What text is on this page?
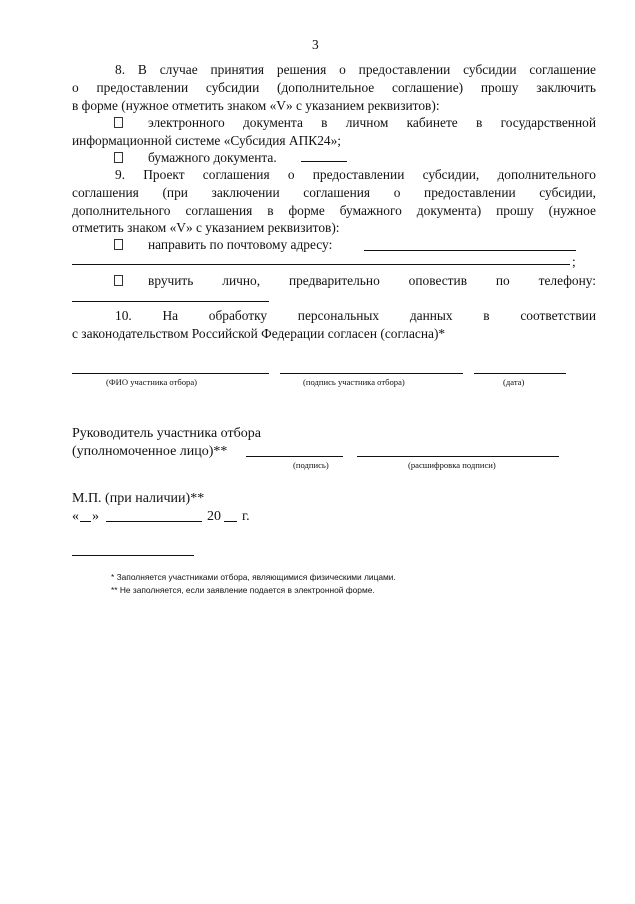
3
8. В случае принятия решения о предоставлении субсидии соглашение
о предоставлении субсидии (дополнительное соглашение) прошу заключить
в форме (нужное отметить знаком «V» с указанием реквизитов):
электронного документа в личном кабинете в государственной
информационной системе «Субсидия АПК24»;
бумажного документа.
9. Проект соглашения о предоставлении субсидии, дополнительного
соглашения (при заключении соглашения о предоставлении субсидии,
дополнительного соглашения в форме бумажного документа) прошу (нужное
отметить знаком «V» с указанием реквизитов):
направить по почтовому адресу:
;
вручить лично, предварительно оповестив по телефону:
10. На обработку персональных данных в соответствии
с законодательством Российской Федерации согласен (согласна)*
(ФИО участника отбора)	(подпись участника отбора)	(дата)
Руководитель участника отбора
(уполномоченное лицо)**
(подпись)	(расшифровка подписи)
М.П. (при наличии)**
« »	20 г.
* Заполняется участниками отбора, являющимися физическими лицами.
** Не заполняется, если заявление подается в электронной форме.
